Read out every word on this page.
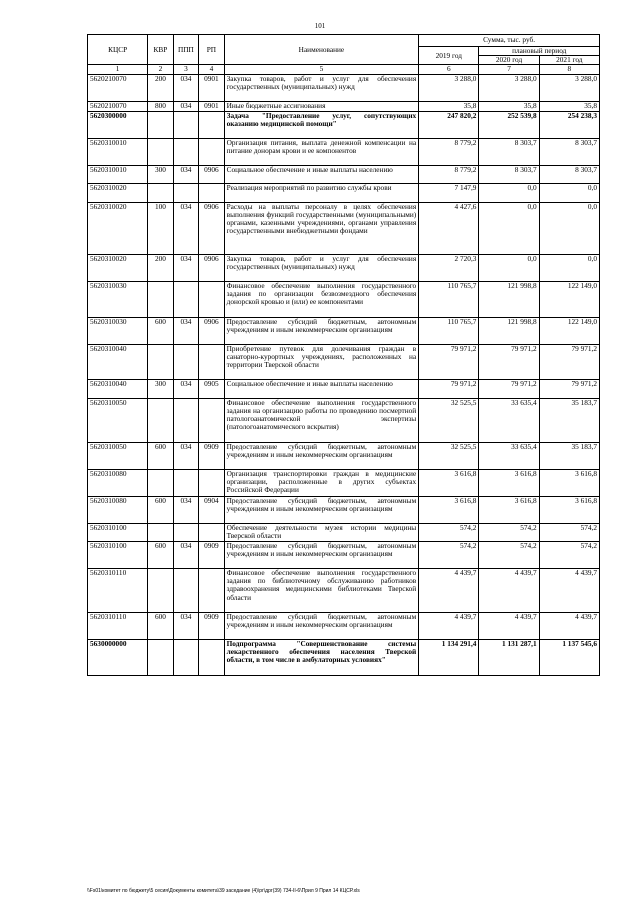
101
КЦСР	КВР	ППП	РП	Наименование	Сумма, тыс. руб.		
					2019 год	плановый период	
						2020 год	2021 год
1	2	3	4	5	6	7	8
5620210070	200	034	0901	Закупка товаров, работ и услуг для обеспечения государственных (муниципальных) нужд	3 288,0	3 288,0	3 288,0
5620210070	800	034	0901	Иные бюджетные ассигнования	35,8	35,8	35,8
5620300000				Задача "Предоставление услуг, сопутствующих оказанию медицинской помощи"	247 820,2	252 539,8	254 238,3
5620310010				Организация питания, выплата денежной компенсации на питание донорам крови и ее компонентов	8 779,2	8 303,7	8 303,7
5620310010	300	034	0906	Социальное обеспечение и иные выплаты населению	8 779,2	8 303,7	8 303,7
5620310020				Реализация мероприятий по развитию службы крови	7 147,9	0,0	0,0
5620310020	100	034	0906	Расходы на выплаты персоналу в целях обеспечения выполнения функций государственными (муниципальными) органами, казенными учреждениями, органами управления государственными внебюджетными фондами	4 427,6	0,0	0,0
5620310020	200	034	0906	Закупка товаров, работ и услуг для обеспечения государственных (муниципальных) нужд	2 720,3	0,0	0,0
5620310030				Финансовое обеспечение выполнения государственного задания по организации безвозмездного обеспечения донорской кровью и (или) ее компонентами	110 765,7	121 998,8	122 149,0
5620310030	600	034	0906	Предоставление субсидий бюджетным, автономным учреждениям и иным некоммерческим организациям	110 765,7	121 998,8	122 149,0
5620310040				Приобретение путевок для долечивания граждан в санаторно-курортных учреждениях, расположенных на территории Тверской области	79 971,2	79 971,2	79 971,2
5620310040	300	034	0905	Социальное обеспечение и иные выплаты населению	79 971,2	79 971,2	79 971,2
5620310050				Финансовое обеспечение выполнения государственного задания на организацию работы по проведению посмертной патологоанатомической экспертизы (патологоанатомического вскрытия)	32 525,5	33 635,4	35 183,7
5620310050	600	034	0909	Предоставление субсидий бюджетным, автономным учреждениям и иным некоммерческим организациям	32 525,5	33 635,4	35 183,7
5620310080				Организация транспортировки граждан в медицинские организации, расположенные в других субъектах Российской Федерации	3 616,8	3 616,8	3 616,8
5620310080	600	034	0904	Предоставление субсидий бюджетным, автономным учреждениям и иным некоммерческим организациям	3 616,8	3 616,8	3 616,8
5620310100				Обеспечение деятельности музея истории медицины Тверской области	574,2	574,2	574,2
5620310100	600	034	0909	Предоставление субсидий бюджетным, автономным учреждениям и иным некоммерческим организациям	574,2	574,2	574,2
5620310110				Финансовое обеспечение выполнения государственного задания по библиотечному обслуживанию работников здравоохранения медицинскими библиотеками Тверской области	4 439,7	4 439,7	4 439,7
5620310110	600	034	0909	Предоставление субсидий бюджетным, автономным учреждениям и иным некоммерческим организациям	4 439,7	4 439,7	4 439,7
5630000000				Подпрограмма "Совершенствование системы лекарственного обеспечения населения Тверской области, в том числе в амбулаторных условиях"	1 134 291,4	1 131 287,1	1 137 545,6
\\Fs01\комитет по бюджету\5 сесия\Документы комитета\39 заседание (4)\рг\дрг(39) 734-II-6\Прил 9 Прил 14 КЦСР.xls
